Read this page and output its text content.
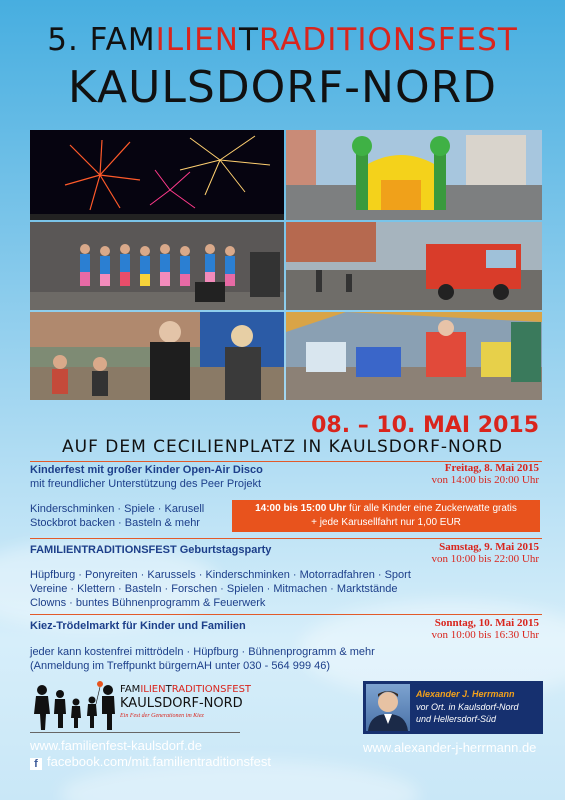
5. FAMILIENTRADITIONSFEST
KAULSDORF-NORD
08. – 10. MAI 2015
AUF DEM CECILIENPLATZ IN KAULSDORF-NORD
Kinderfest mit großer Kinder Open-Air Disco
mit freundlicher Unterstützung des Peer Projekt
Freitag, 8. Mai 2015
von 14:00 bis 20:00 Uhr
Kinderschminken · Spiele · Karusell
Stockbrot backen · Basteln & mehr
14:00 bis 15:00 Uhr für alle Kinder eine Zuckerwatte gratis
+ jede Karusellfahrt nur 1,00 EUR
FAMILIENTRADITIONSFEST Geburtstagsparty	Samstag, 9. Mai 2015
von 10:00 bis 22:00 Uhr
Hüpfburg · Ponyreiten · Karussels · Kinderschminken · Motorradfahren · Sport
Vereine · Klettern · Basteln · Forschen · Spielen · Mitmachen · Marktstände
Clowns · buntes Bühnenprogramm & Feuerwerk
Kiez-Trödelmarkt für Kinder und Familien	Sonntag, 10. Mai 2015
von 10:00 bis 16:30 Uhr
jeder kann kostenfrei mittrödeln · Hüpfburg · Bühnenprogramm & mehr
(Anmeldung im Treffpunkt bürgernAH unter 030 - 564 999 46)
FAMILIENTRADITIONSFEST
KAULSDORF-NORD
Ein Fest der Generationen im Kiez
www.familienfest-kaulsdorf.de
f facebook.com/mit.familientraditionsfest
Alexander J. Herrmann
vor Ort. in Kaulsdorf-Nord
und Hellersdorf-Süd
www.alexander-j-herrmann.de
